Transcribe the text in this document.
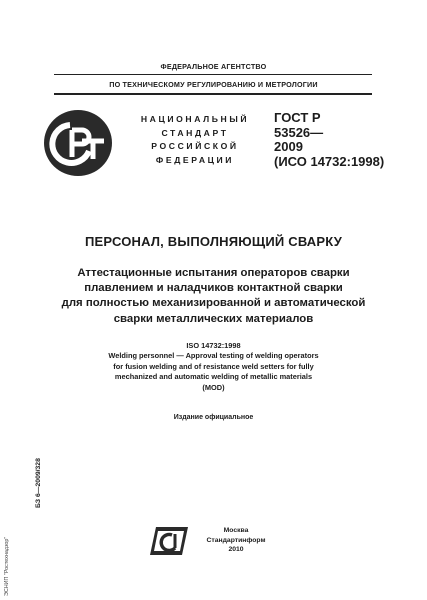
ФЕДЕРАЛЬНОЕ АГЕНТСТВО
ПО ТЕХНИЧЕСКОМУ РЕГУЛИРОВАНИЮ И МЕТРОЛОГИИ
РСТ
НАЦИОНАЛЬНЫЙ
СТАНДАРТ
РОССИЙСКОЙ
ФЕДЕРАЦИИ
ГОСТ Р
53526—
2009
(ИСО 14732:1998)
ПЕРСОНАЛ, ВЫПОЛНЯЮЩИЙ СВАРКУ
Аттестационные испытания операторов сварки
плавлением и наладчиков контактной сварки
для полностью механизированной и автоматической
сварки металлических материалов
ISO 14732:1998
Welding personnel — Approval testing of welding operators
for fusion welding and of resistance weld setters for fully
mechanized and automatic welding of metallic materials
(MOD)
Издание официальное
БЗ 6—2009/328
ЭСНИП "Ростехнадзор"	СИ
Москва
Стандартинформ
2010
